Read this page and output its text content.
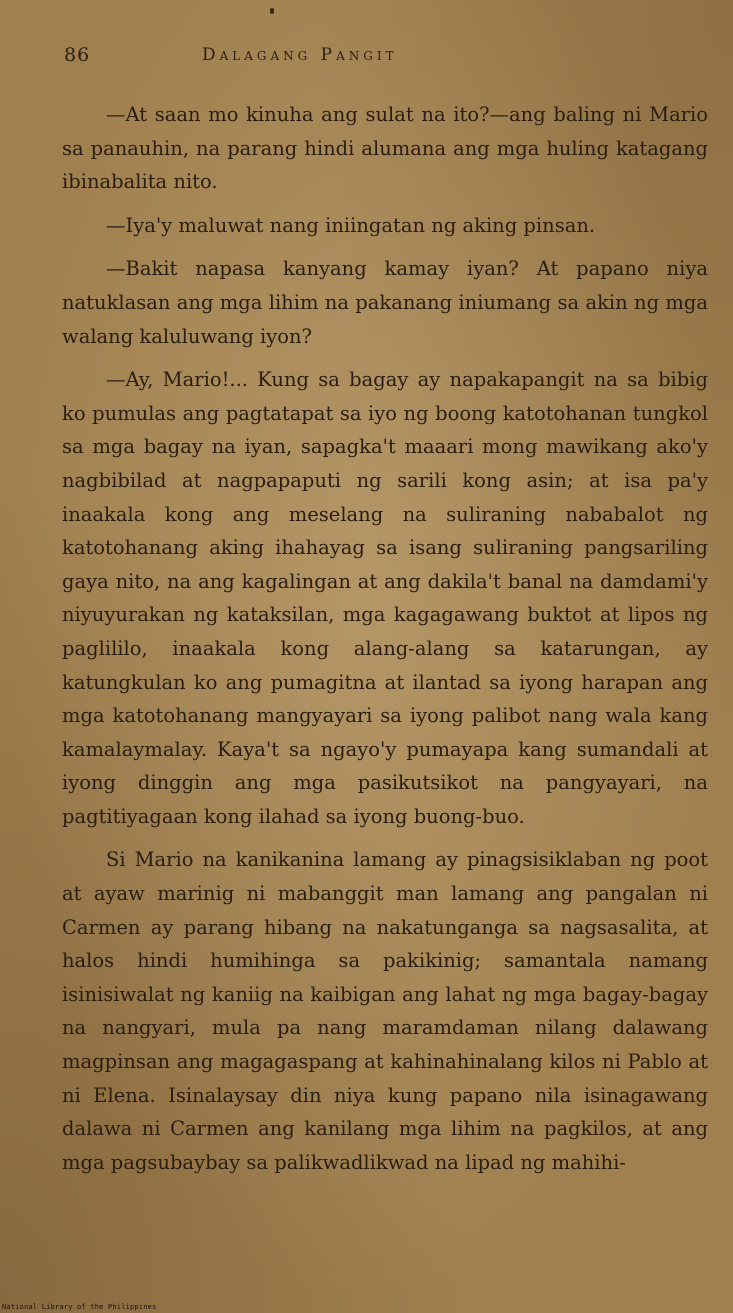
86	Dalagang Pangit

—At saan mo kinuha ang sulat na ito?—ang baling ni Mario sa panauhin, na parang hindi alumana ang mga huling katagang ibinabalita nito.

—Iya'y maluwat nang iniingatan ng aking pinsan.

—Bakit napasa kanyang kamay iyan? At papano niya natuklasan ang mga lihim na pakanang iniumang sa akin ng mga walang kaluluwang iyon?

—Ay, Mario!... Kung sa bagay ay napakapangit na sa bibig ko pumulas ang pagtatapat sa iyo ng boong katotohanan tungkol sa mga bagay na iyan, sapagka't maaari mong mawikang ako'y nagbibilad at nagpapaputi ng sarili kong asin; at isa pa'y inaakala kong ang meselang na suliraning nababalot ng katotohanang aking ihahayag sa isang suliraning pangsariling gaya nito, na ang kagalingan at ang dakila't banal na damdami'y niyuyurakan ng kataksilan, mga kagagawang buktot at lipos ng paglililo, inaakala kong alang-alang sa katarungan, ay katungkulan ko ang pumagitna at ilantad sa iyong harapan ang mga katotohanang mangyayari sa iyong palibot nang wala kang kamalaymalay. Kaya't sa ngayo'y pumayapa kang sumandali at iyong dinggin ang mga pasikutsikot na pangyayari, na pagtitiyagaan kong ilahad sa iyong buong-buo.

Si Mario na kanikanina lamang ay pinagsisiklaban ng poot at ayaw marinig ni mabanggit man lamang ang pangalan ni Carmen ay parang hibang na nakatunganga sa nagsasalita, at halos hindi humihinga sa pakikinig; samantala namang isinisiwalat ng kaniig na kaibigan ang lahat ng mga bagay-bagay na nangyari, mula pa nang maramdaman nilang dalawang magpinsan ang magagaspang at kahinahinalang kilos ni Pablo at ni Elena. Isinalaysay din niya kung papano nila isinagawang dalawa ni Carmen ang kanilang mga lihim na pagkilos, at ang mga pagsubaybay sa palikwadlikwad na lipad ng mahihi-

National Library of the Philippines
